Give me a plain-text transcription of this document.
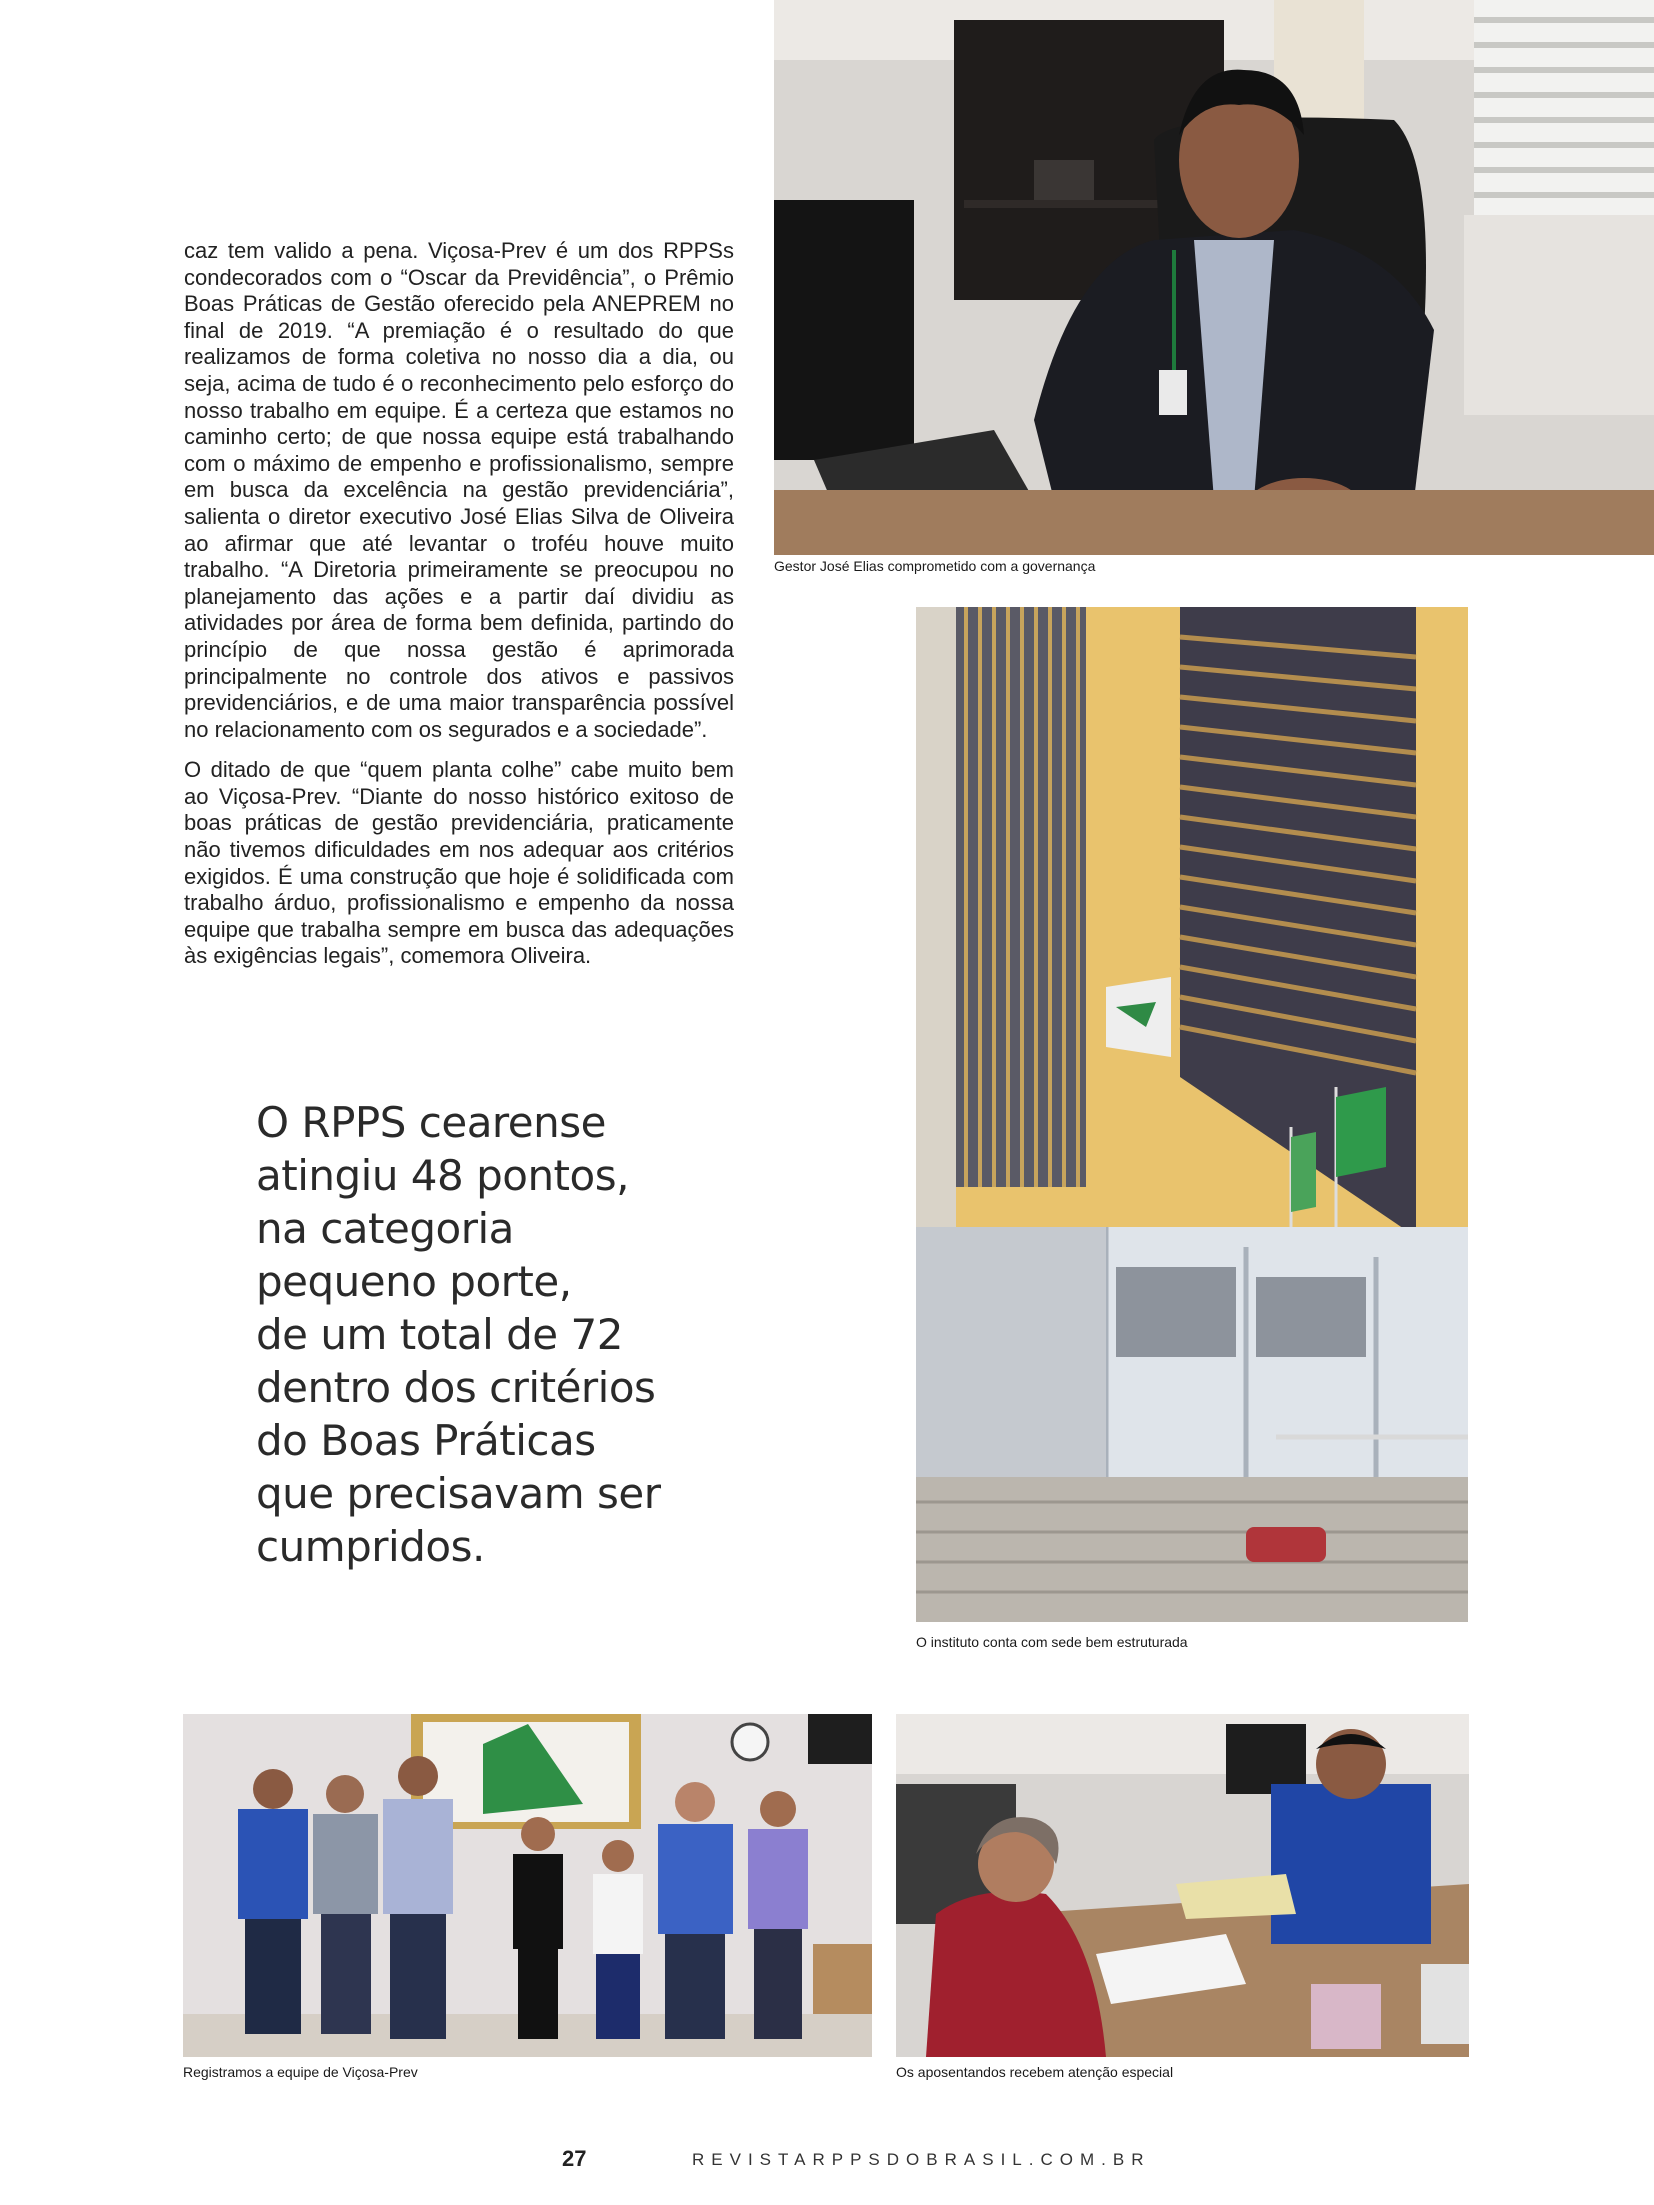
caz tem valido a pena. Viçosa-Prev é um dos RPPSs condecorados com o “Oscar da Previdência”, o Prêmio Boas Práticas de Gestão oferecido pela ANEPREM no final de 2019. “A premiação é o resultado do que realizamos de forma coletiva no nosso dia a dia, ou seja, acima de tudo é o reconhecimento pelo esforço do nosso trabalho em equipe. É a certeza que estamos no caminho certo; de que nossa equipe está trabalhando com o máximo de empenho e profissionalismo, sempre em busca da excelência na gestão previdenciária”, salienta o diretor executivo José Elias Silva de Oliveira ao afirmar que até levantar o troféu houve muito trabalho. “A Diretoria primeiramente se preocupou no planejamento das ações e a partir daí dividiu as atividades por área de forma bem definida, partindo do princípio de que nossa gestão é aprimorada principalmente no controle dos ativos e passivos previdenciários, e de uma maior transparência possível no relacionamento com os segurados e a sociedade”.

O ditado de que “quem planta colhe” cabe muito bem ao Viçosa-Prev. “Diante do nosso histórico exitoso de boas práticas de gestão previdenciária, praticamente não tivemos dificuldades em nos adequar aos critérios exigidos. É uma construção que hoje é solidificada com trabalho árduo, profissionalismo e empenho da nossa equipe que trabalha sempre em busca das adequações às exigências legais”, comemora Oliveira.

O RPPS cearense
atingiu 48 pontos,
na categoria
pequeno porte,
de um total de 72
dentro dos critérios
do Boas Práticas
que precisavam ser
cumpridos.
Gestor José Elias comprometido com a governança
O instituto conta com sede bem estruturada
Registramos a equipe de Viçosa-Prev	Os aposentandos recebem atenção especial
27	REVISTARPPSDOBRASIL.COM.BR
